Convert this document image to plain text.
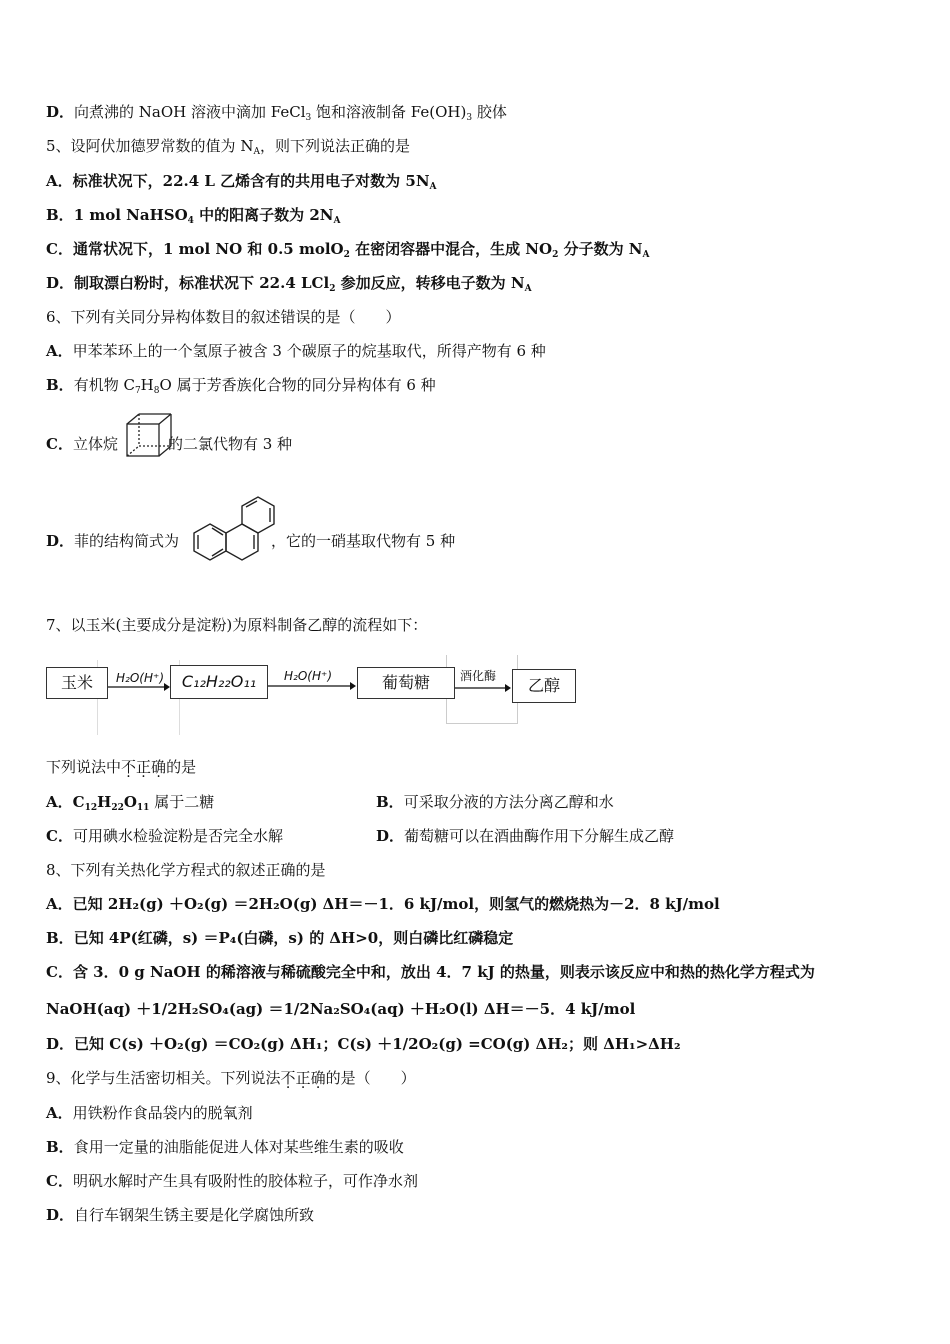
D．向煮沸的 NaOH 溶液中滴加 FeCl$_3$ 饱和溶液制备 $Fe(OH)_3$ 胶体
5、设阿伏加德罗常数的值为 $N_A$，则下列说法正确的是
A．标准状况下，22.4 L 乙烯含有的共用电子对数为 $5N_A$
B．1 mol NaHSO$_4$ 中的阳离子数为 $2N_A$
C．通常状况下，1 mol NO 和 0.5 molO$_2$ 在密闭容器中混合，生成 $NO_2$ 分子数为 $N_A$
D．制取漂白粉时，标准状况下 22.4 LCl$_2$ 参加反应，转移电子数为 $N_A$
6、下列有关同分异构体数目的叙述错误的是（　　）
A．甲苯苯环上的一个氢原子被含 3 个碳原子的烷基取代，所得产物有 6 种
B．有机物 $C_7H_8O$ 属于芳香族化合物的同分异构体有 6 种
C．立体烷	的二氯代物有 3 种
D．菲的结构简式为	，它的一硝基取代物有 5 种
7、以玉米(主要成分是淀粉)为原料制备乙醇的流程如下：
玉米	H₂O(H⁺)	C₁₂H₂₂O₁₁	H₂O(H⁺)	葡萄糖	酒化酶	乙醇
下列说法中不正确的是
A．$C_{12}H_{22}O_{11}$ 属于二糖	B．可采取分液的方法分离乙醇和水
C．可用碘水检验淀粉是否完全水解	D．葡萄糖可以在酒曲酶作用下分解生成乙醇
8、下列有关热化学方程式的叙述正确的是
A．已知 2H₂(g) ＋O₂(g) ＝2H₂O(g) ΔH＝－1．6 kJ/mol，则氢气的燃烧热为－2．8 kJ/mol
B．已知 4P(红磷，s) ＝P₄(白磷，s) 的 ΔH>0，则白磷比红磷稳定
C．含 3．0 g NaOH 的稀溶液与稀硫酸完全中和，放出 4．7 kJ 的热量，则表示该反应中和热的热化学方程式为
NaOH(aq) ＋1/2H₂SO₄(ag) ＝1/2Na₂SO₄(aq) ＋H₂O(l) ΔH＝－5．4 kJ/mol
D．已知 C(s) ＋O₂(g) ＝CO₂(g) ΔH₁；C(s) ＋1/2O₂(g) =CO(g) ΔH₂；则 ΔH₁>ΔH₂
9、化学与生活密切相关。下列说法不正确的是（　　）
A．用铁粉作食品袋内的脱氧剂
B．食用一定量的油脂能促进人体对某些维生素的吸收
C．明矾水解时产生具有吸附性的胶体粒子，可作净水剂
D．自行车钢架生锈主要是化学腐蚀所致
